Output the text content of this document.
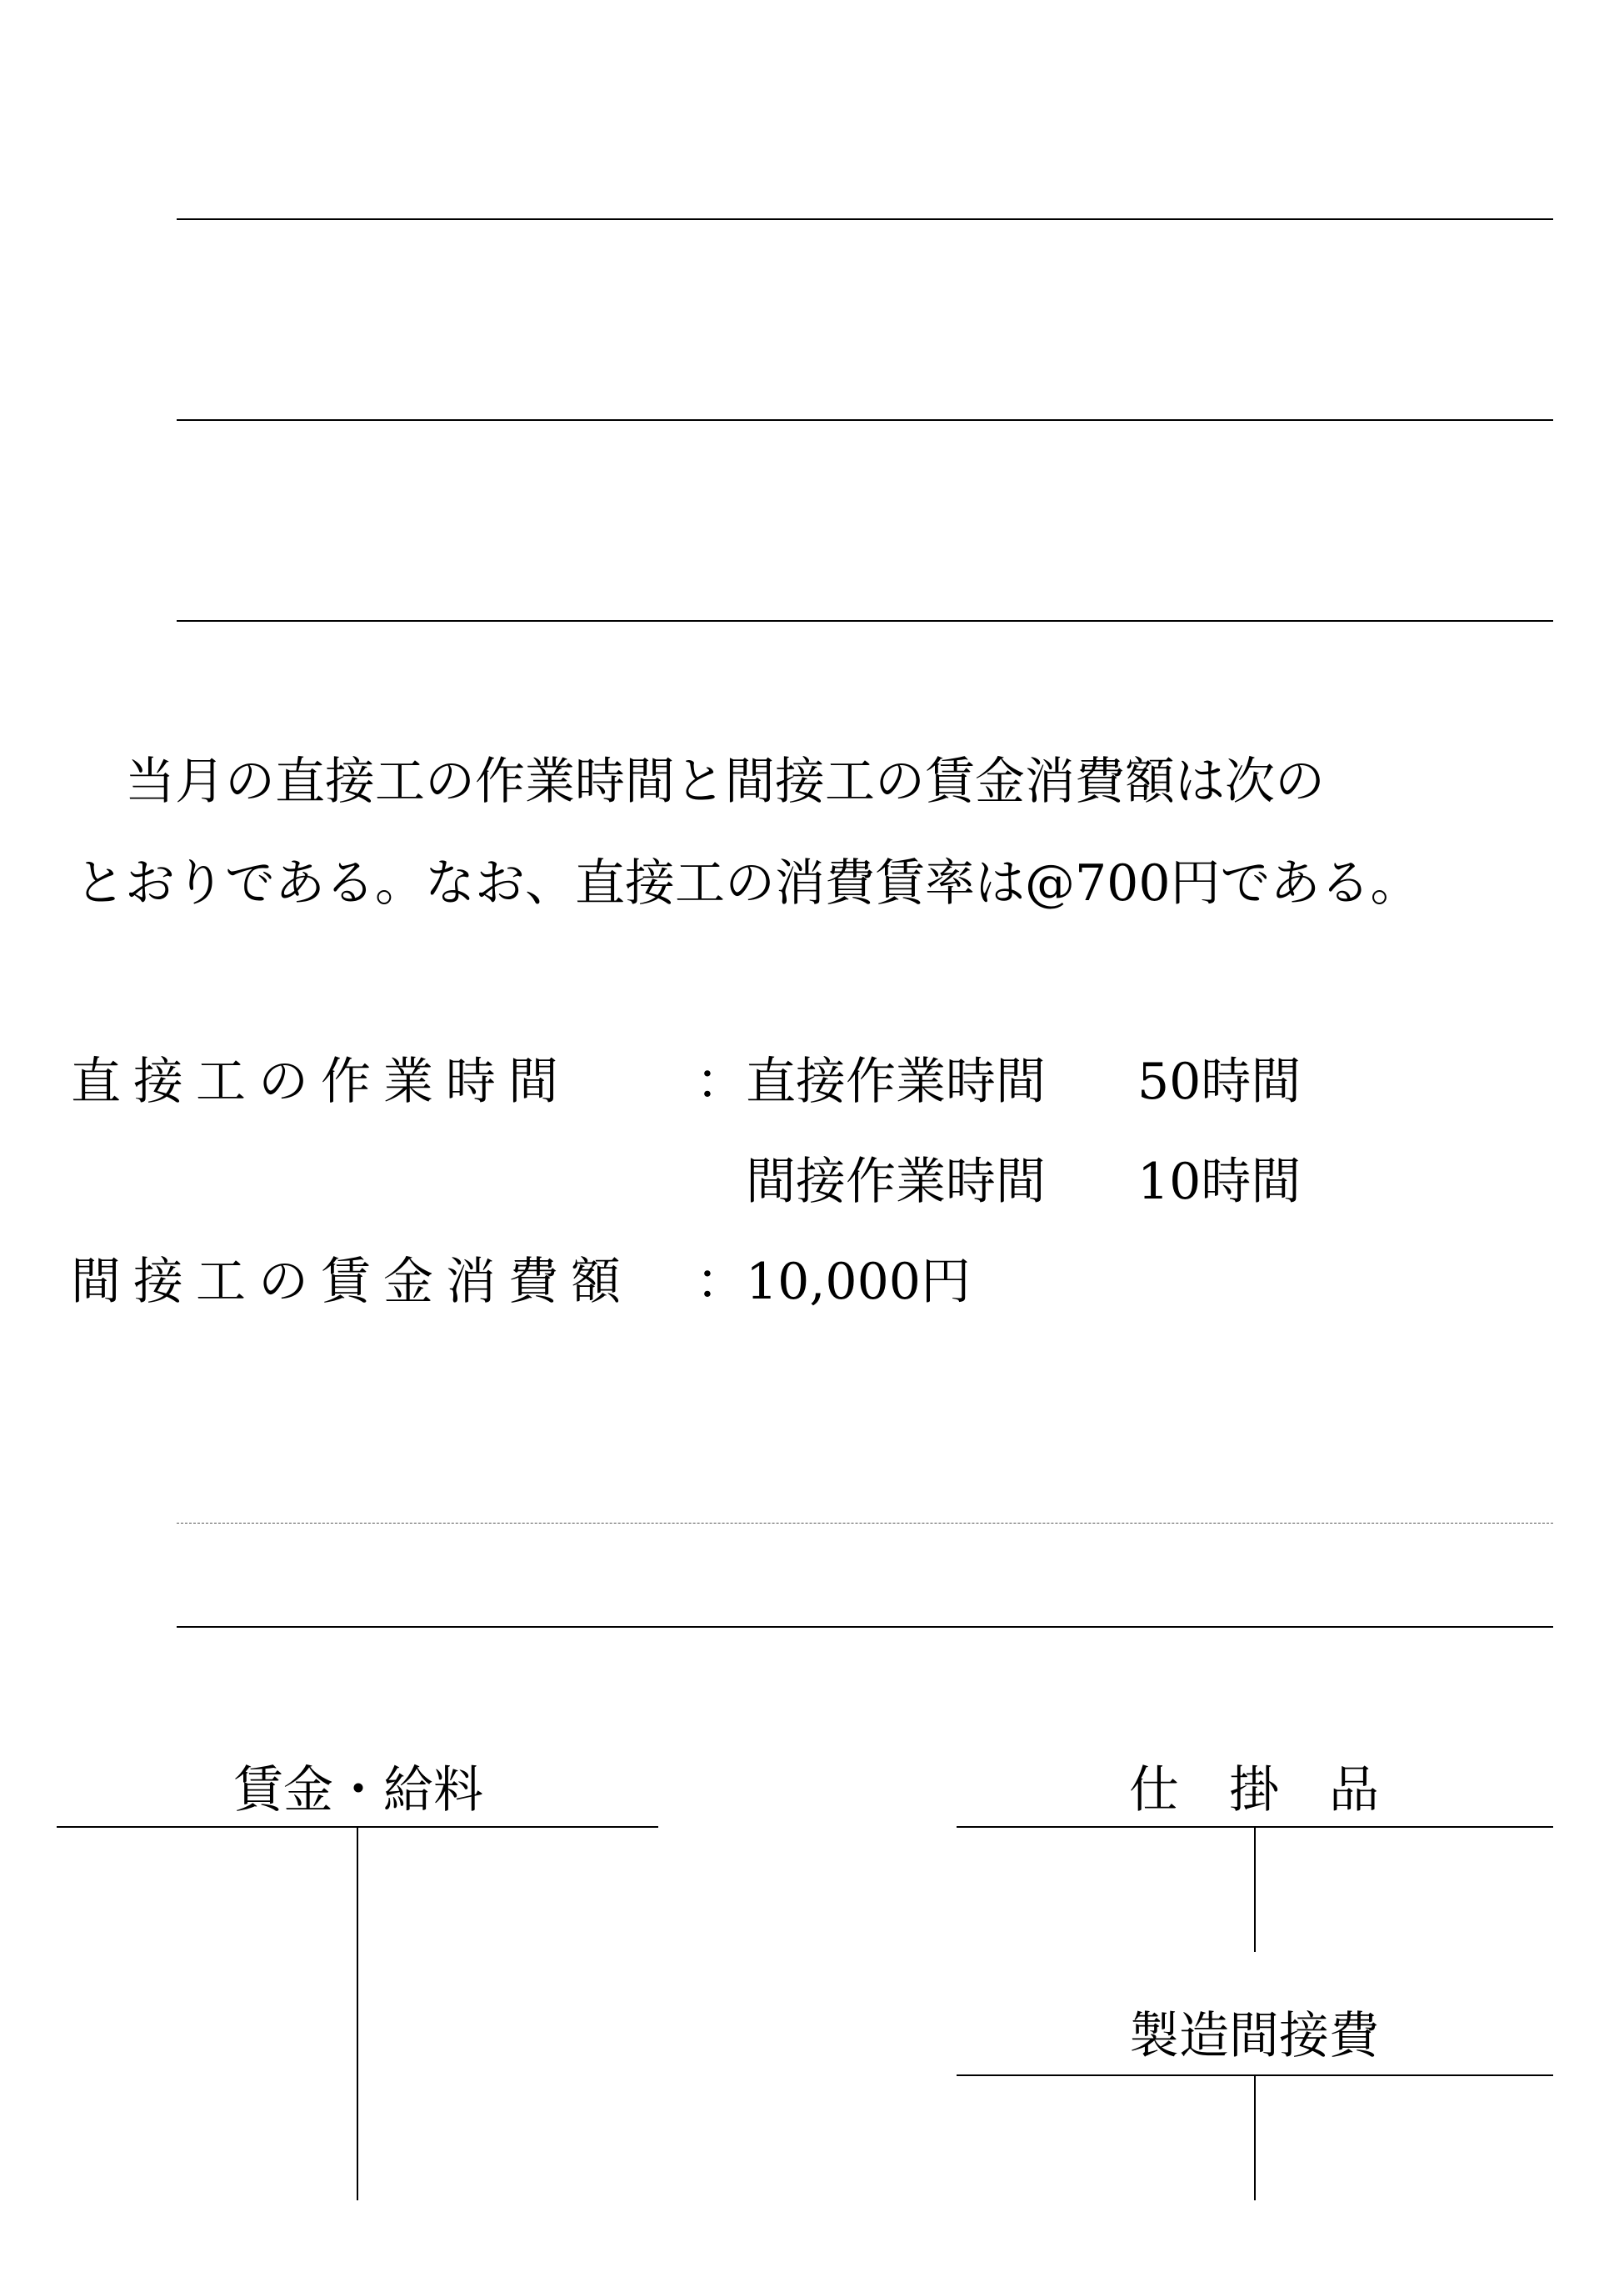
　当月の直接工の作業時間と間接工の賃金消費額は次の
とおりである。なお、直接工の消費賃率は@700円である。
直接工の作業時間	： 直接作業時間 50時間
間接作業時間 10時間
間接工の賃金消費額 ： 10,000円
賃金・給料	仕　掛　品
製造間接費
